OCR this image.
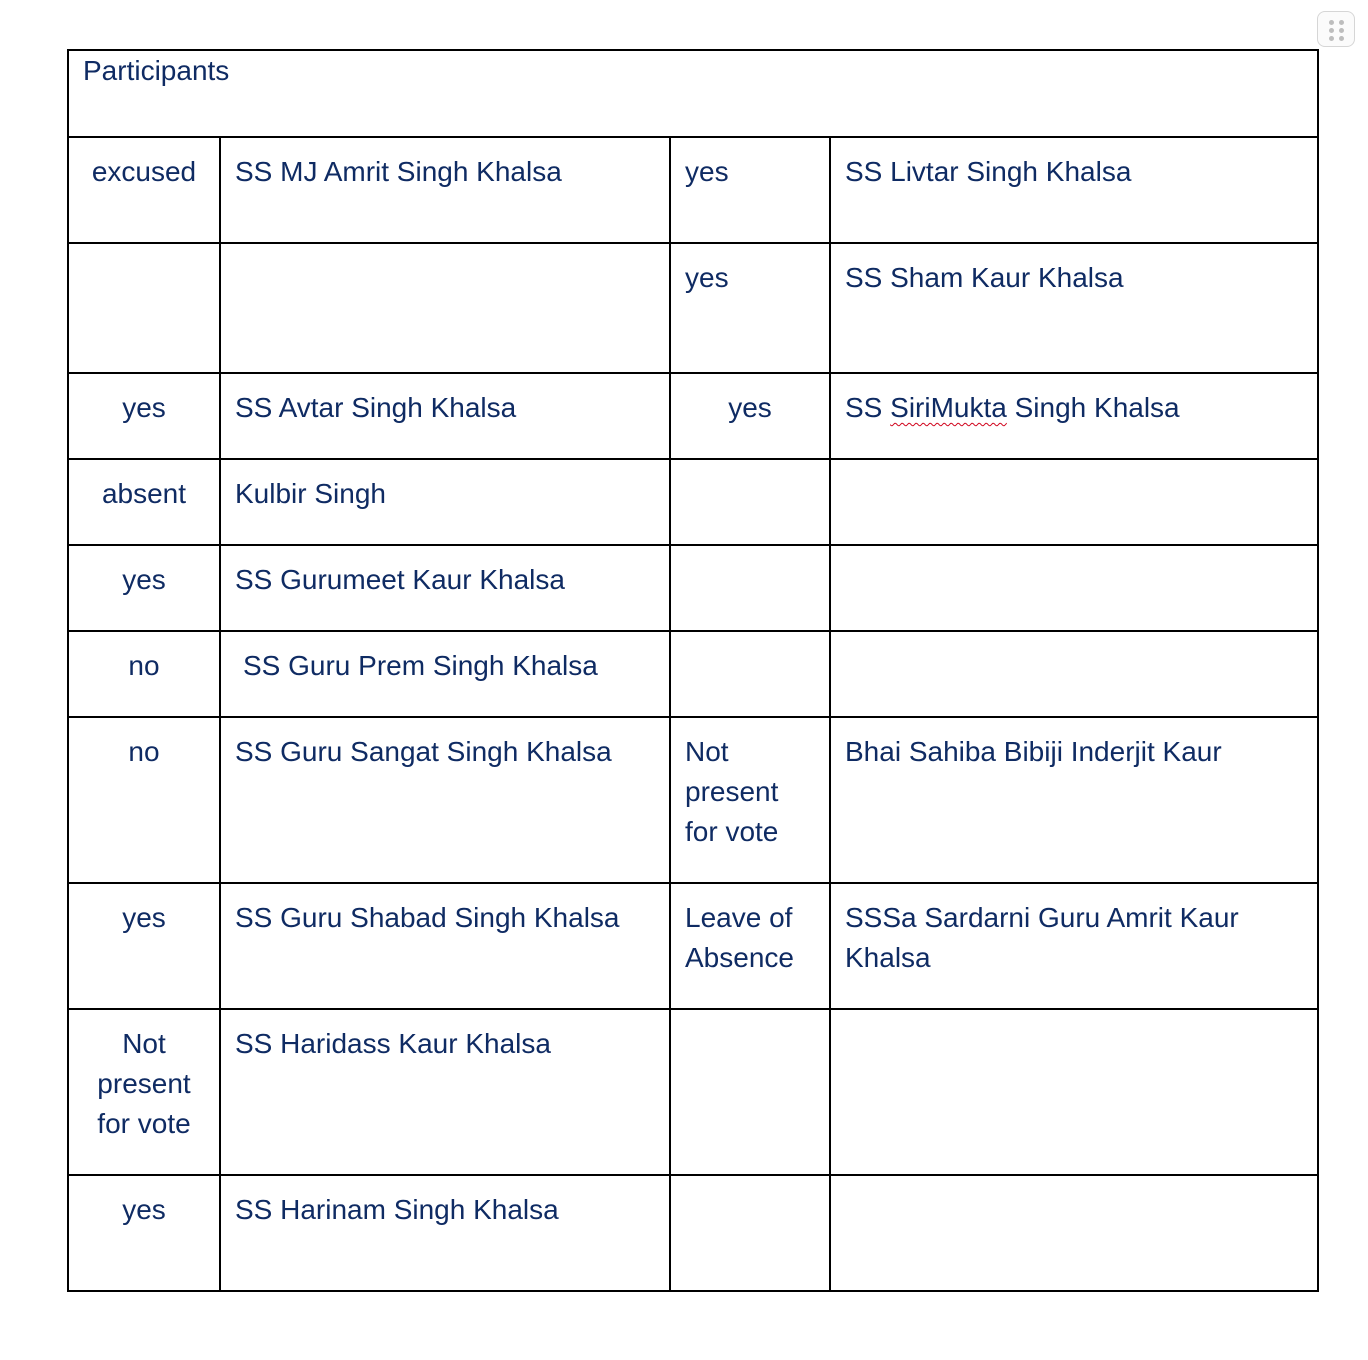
Participants			

excused	SS MJ Amrit Singh Khalsa	yes	SS Livtar Singh Khalsa

		yes	SS Sham Kaur Khalsa

yes	SS Avtar Singh Khalsa	yes	SS SiriMukta Singh Khalsa

absent	Kulbir Singh		

yes	SS Gurumeet Kaur Khalsa		

no	SS Guru Prem Singh Khalsa		

no	SS Guru Sangat Singh Khalsa	Not present for vote	Bhai Sahiba Bibiji Inderjit Kaur

yes	SS Guru Shabad Singh Khalsa	Leave of Absence	SSSa Sardarni Guru Amrit Kaur Khalsa

Not present for vote	SS Haridass Kaur Khalsa		

yes	SS Harinam Singh Khalsa		
